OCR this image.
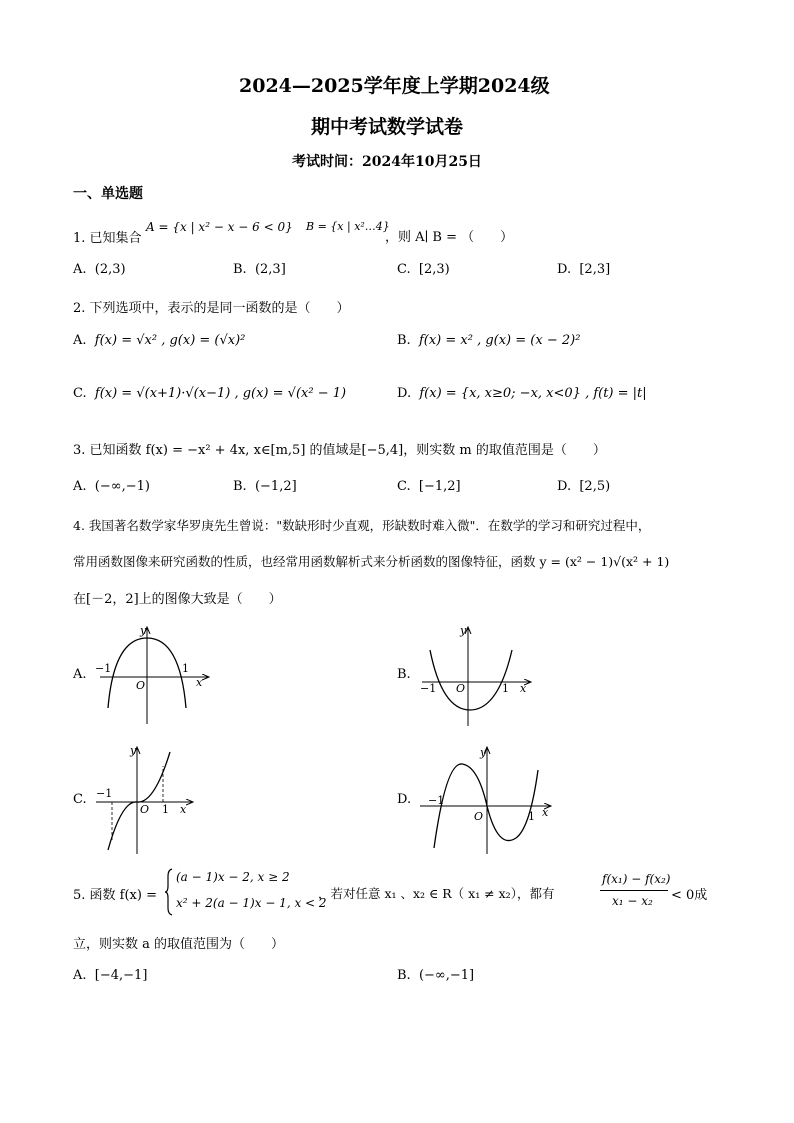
2024—2025学年度上学期2024级
期中考试数学试卷
考试时间：2024年10月25日
一、单选题
1. 已知集合
A = {x | x² − x − 6 < 0} B = {x | x²…4}
，则 A∣ B = （　　）
A. (2,3)	B. (2,3]	C. [2,3)	D. [2,3]
2. 下列选项中，表示的是同一函数的是（　　）
A. f(x) = √x² , g(x) = (√x)²	B. f(x) = x² , g(x) = (x − 2)²
C. f(x) = √(x+1)·√(x−1) , g(x) = √(x² − 1)	D. f(x) = {x, x≥0; −x, x<0} , f(t) = |t|
3. 已知函数 f(x) = −x² + 4x, x∈[m,5] 的值域是[−5,4]，则实数 m 的取值范围是（　　）
A. (−∞,−1)	B. (−1,2]	C. [−1,2]	D. [2,5)
4. 我国著名数学家华罗庚先生曾说："数缺形时少直观，形缺数时难入微"．在数学的学习和研究过程中，
常用函数图像来研究函数的性质，也经常用函数解析式来分析函数的图像特征，函数 y = (x² − 1)√(x² + 1)
在[－2，2]上的图像大致是（　　）
A.	B.
C.	D.
y
x
O
−1	1
y
x
O
−1	1
y
x
O
−1
1
y
x
O
−1
1
5. 函数 f(x) =
(a − 1)x − 2, x ≥ 2
x² + 2(a − 1)x − 1, x < 2
，若对任意 x₁ 、x₂ ∈ R（ x₁ ≠ x₂），都有
f(x₁) − f(x₂)
x₁ − x₂ < 0成
立，则实数 a 的取值范围为（　　）
A. [−4,−1]	B. (−∞,−1]
